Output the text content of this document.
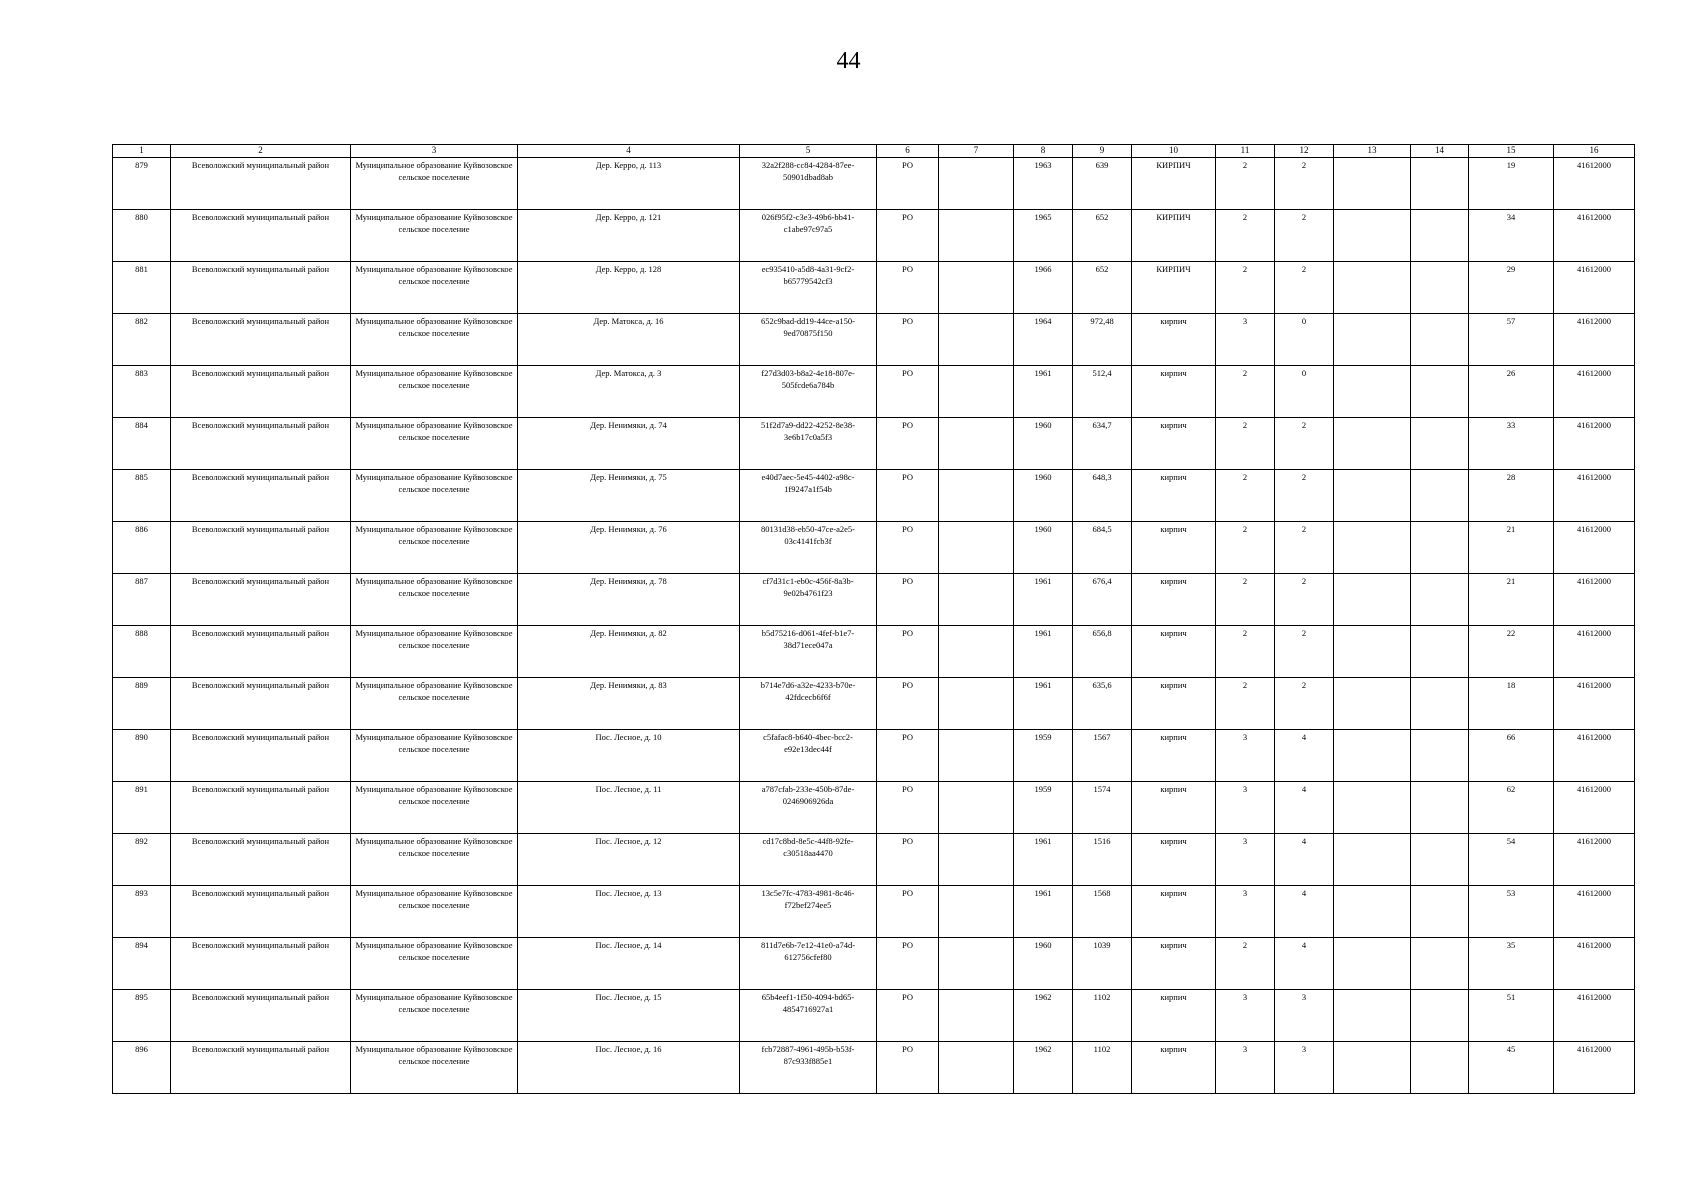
44
1	2	3	4	5	6	7	8	9	10	11	12	13	14	15	16
879	Всеволожский муниципальный район	Муниципальное образование Куйвозовское сельское поселение	Дер. Керро, д. 113	32a2f288-cc84-4284-87ee-50901dbad8ab	РО		1963	639	КИРПИЧ	2	2			19	41612000
880	Всеволожский муниципальный район	Муниципальное образование Куйвозовское сельское поселение	Дер. Керро, д. 121	026f95f2-c3e3-49b6-bb41-c1abe97c97a5	РО		1965	652	КИРПИЧ	2	2			34	41612000
881	Всеволожский муниципальный район	Муниципальное образование Куйвозовское сельское поселение	Дер. Керро, д. 128	ec935410-a5d8-4a31-9cf2-b65779542cf3	РО		1966	652	КИРПИЧ	2	2			29	41612000
882	Всеволожский муниципальный район	Муниципальное образование Куйвозовское сельское поселение	Дер. Матокса, д. 16	652c9bad-dd19-44ce-a150-9ed70875f150	РО		1964	972,48	кирпич	3	0			57	41612000
883	Всеволожский муниципальный район	Муниципальное образование Куйвозовское сельское поселение	Дер. Матокса, д. 3	f27d3d03-b8a2-4e18-807e-505fcde6a784b	РО		1961	512,4	кирпич	2	0			26	41612000
884	Всеволожский муниципальный район	Муниципальное образование Куйвозовское сельское поселение	Дер. Ненимяки, д. 74	51f2d7a9-dd22-4252-8e38-3e6b17c0a5f3	РО		1960	634,7	кирпич	2	2			33	41612000
885	Всеволожский муниципальный район	Муниципальное образование Куйвозовское сельское поселение	Дер. Ненимяки, д. 75	e40d7aec-5e45-4402-a98c-1f9247a1f54b	РО		1960	648,3	кирпич	2	2			28	41612000
886	Всеволожский муниципальный район	Муниципальное образование Куйвозовское сельское поселение	Дер. Ненимяки, д. 76	80131d38-eb50-47ce-a2e5-03c4141fcb3f	РО		1960	684,5	кирпич	2	2			21	41612000
887	Всеволожский муниципальный район	Муниципальное образование Куйвозовское сельское поселение	Дер. Ненимяки, д. 78	cf7d31c1-eb0c-456f-8a3b-9e02b4761f23	РО		1961	676,4	кирпич	2	2			21	41612000
888	Всеволожский муниципальный район	Муниципальное образование Куйвозовское сельское поселение	Дер. Ненимяки, д. 82	b5d75216-d061-4fef-b1e7-38d71ece047a	РО		1961	656,8	кирпич	2	2			22	41612000
889	Всеволожский муниципальный район	Муниципальное образование Куйвозовское сельское поселение	Дер. Ненимяки, д. 83	b714e7d6-a32e-4233-b70e-42fdcecb6f6f	РО		1961	635,6	кирпич	2	2			18	41612000
890	Всеволожский муниципальный район	Муниципальное образование Куйвозовское сельское поселение	Пос. Лесное, д. 10	c5fafac8-b640-4bec-bcc2-e92e13dec44f	РО		1959	1567	кирпич	3	4			66	41612000
891	Всеволожский муниципальный район	Муниципальное образование Куйвозовское сельское поселение	Пос. Лесное, д. 11	a787cfab-233e-450b-87de-0246906926da	РО		1959	1574	кирпич	3	4			62	41612000
892	Всеволожский муниципальный район	Муниципальное образование Куйвозовское сельское поселение	Пос. Лесное, д. 12	cd17c8bd-8e5c-44f8-92fe-c30518aa4470	РО		1961	1516	кирпич	3	4			54	41612000
893	Всеволожский муниципальный район	Муниципальное образование Куйвозовское сельское поселение	Пос. Лесное, д. 13	13c5e7fc-4783-4981-8c46-f72bef274ee5	РО		1961	1568	кирпич	3	4			53	41612000
894	Всеволожский муниципальный район	Муниципальное образование Куйвозовское сельское поселение	Пос. Лесное, д. 14	811d7e6b-7e12-41e0-a74d-612756cfef80	РО		1960	1039	кирпич	2	4			35	41612000
895	Всеволожский муниципальный район	Муниципальное образование Куйвозовское сельское поселение	Пос. Лесное, д. 15	65b4eef1-1f50-4094-bd65-4854716927a1	РО		1962	1102	кирпич	3	3			51	41612000
896	Всеволожский муниципальный район	Муниципальное образование Куйвозовское сельское поселение	Пос. Лесное, д. 16	fcb72887-4961-495b-b53f-87c933f885e1	РО		1962	1102	кирпич	3	3			45	41612000
